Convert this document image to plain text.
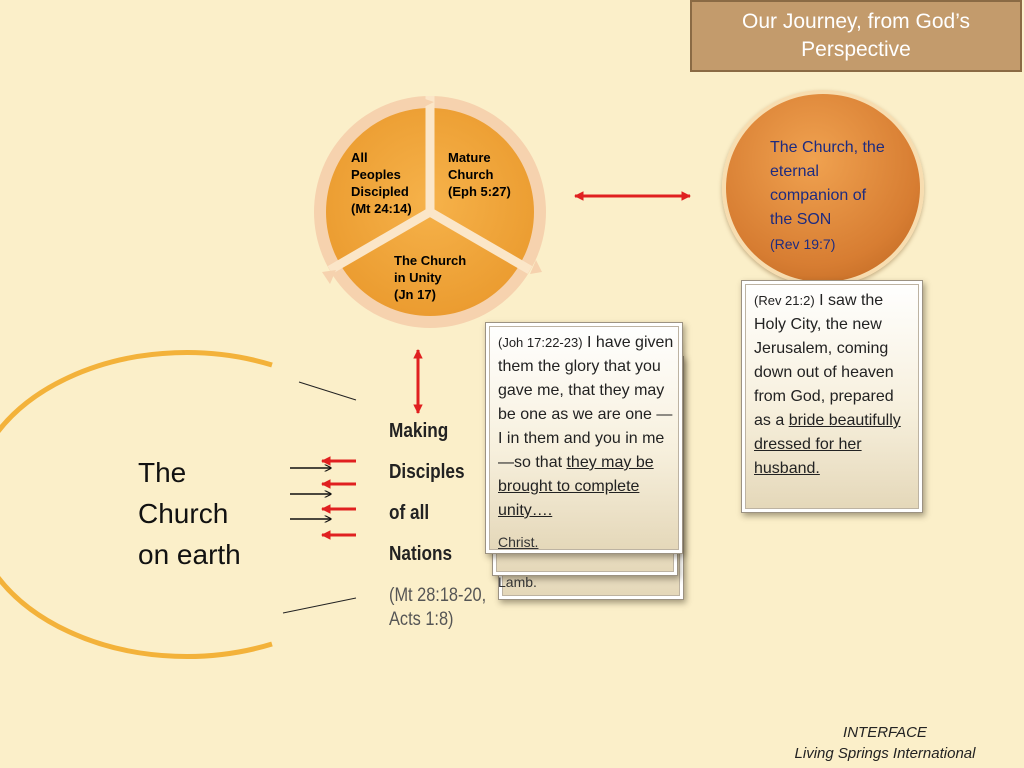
Our Journey, from God’s
Perspective
All Peoples Discipled (Mt 24:14)
Mature Church (Eph 5:27)
The Church in Unity (Jn 17)
The Church, the
eternal
companion of
the SON
(Rev 19:7)
(Rev 21:2) I saw the Holy City, the new Jerusalem, coming down out of heaven from God, prepared as a bride beautifully dressed for her husband.
Lamb.
(Joh 17:22-23) I have given them the glory that you gave me, that they may be one as we are one — I in them and you in me—so that they may be brought to complete unity….
Christ.
Making
Disciples
of all
Nations
(Mt 28:18-20,
Acts 1:8)
The
Church
on earth
INTERFACE
Living Springs International
